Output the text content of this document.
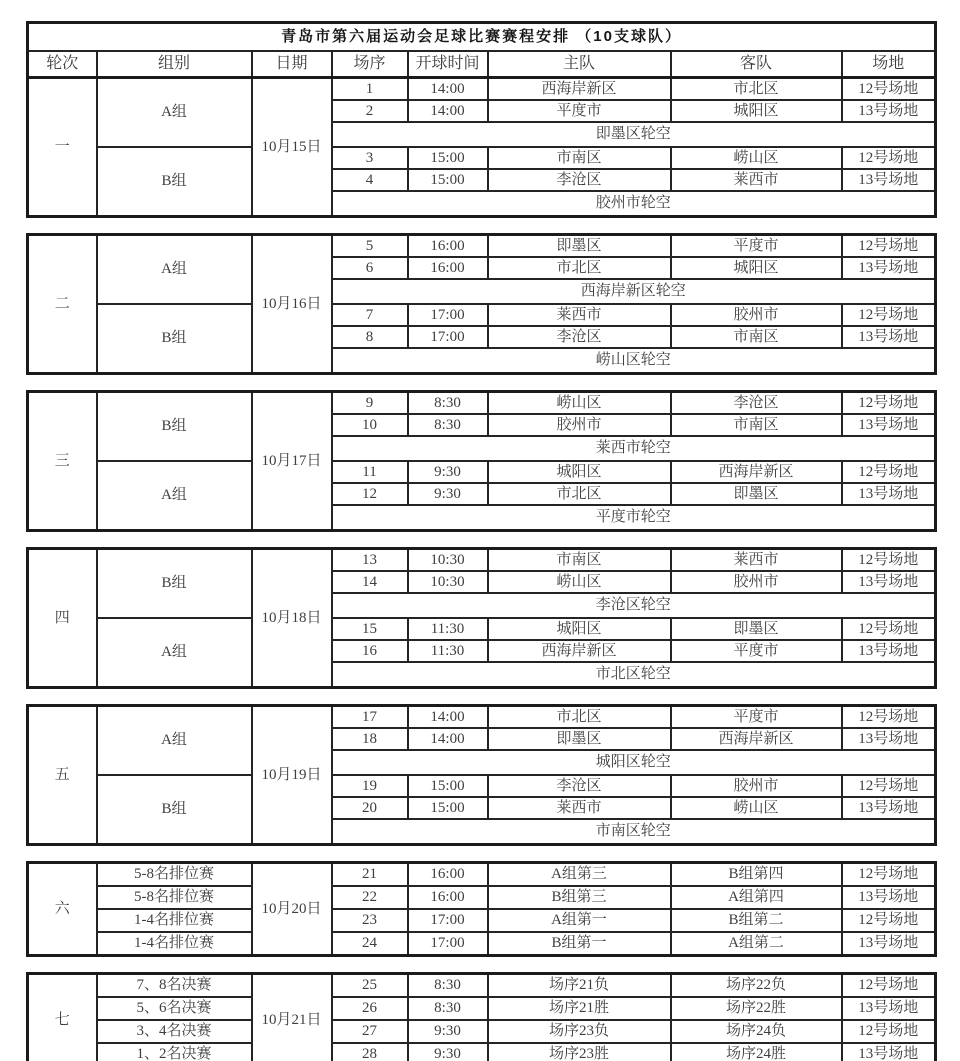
青岛市第六届运动会足球比赛赛程安排 （10支球队）
轮次	组别	日期	场序	开球时间	主队	客队	场地
一	A组	10月15日	1	14:00	西海岸新区	市北区	12号场地
			2	14:00	平度市	城阳区	13号场地
			即墨区轮空				
	B组		3	15:00	市南区	崂山区	12号场地
			4	15:00	李沧区	莱西市	13号场地
			胶州市轮空				
二	A组	10月16日	5	16:00	即墨区	平度市	12号场地
			6	16:00	市北区	城阳区	13号场地
			西海岸新区轮空				
	B组		7	17:00	莱西市	胶州市	12号场地
			8	17:00	李沧区	市南区	13号场地
			崂山区轮空				
三	B组	10月17日	9	8:30	崂山区	李沧区	12号场地
			10	8:30	胶州市	市南区	13号场地
			莱西市轮空				
	A组		11	9:30	城阳区	西海岸新区	12号场地
			12	9:30	市北区	即墨区	13号场地
			平度市轮空				
四	B组	10月18日	13	10:30	市南区	莱西市	12号场地
			14	10:30	崂山区	胶州市	13号场地
			李沧区轮空				
	A组		15	11:30	城阳区	即墨区	12号场地
			16	11:30	西海岸新区	平度市	13号场地
			市北区轮空				
五	A组	10月19日	17	14:00	市北区	平度市	12号场地
			18	14:00	即墨区	西海岸新区	13号场地
			城阳区轮空				
	B组		19	15:00	李沧区	胶州市	12号场地
			20	15:00	莱西市	崂山区	13号场地
			市南区轮空				
六	5-8名排位赛	10月20日	21	16:00	A组第三	B组第四	12号场地
	5-8名排位赛		22	16:00	B组第三	A组第四	13号场地
	1-4名排位赛		23	17:00	A组第一	B组第二	12号场地
	1-4名排位赛		24	17:00	B组第一	A组第二	13号场地
七	7、8名决赛	10月21日	25	8:30	场序21负	场序22负	12号场地
	5、6名决赛		26	8:30	场序21胜	场序22胜	13号场地
	3、4名决赛		27	9:30	场序23负	场序24负	12号场地
	1、2名决赛		28	9:30	场序23胜	场序24胜	13号场地
